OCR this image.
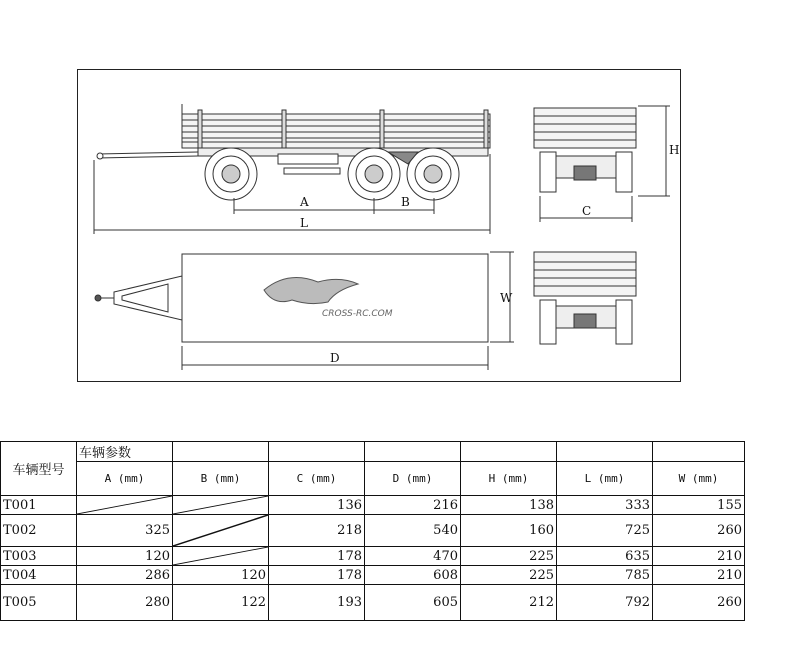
A	B
L
C
H
W
D
CROSS-RC.COM
车辆型号	车辆参数						
	A (mm)	B (mm)	C (mm)	D (mm)	H (mm)	L (mm)	W (mm)
T001			136	216	138	333	155
T002	325		218	540	160	725	260
T003	120		178	470	225	635	210
T004	286	120	178	608	225	785	210
T005	280	122	193	605	212	792	260
